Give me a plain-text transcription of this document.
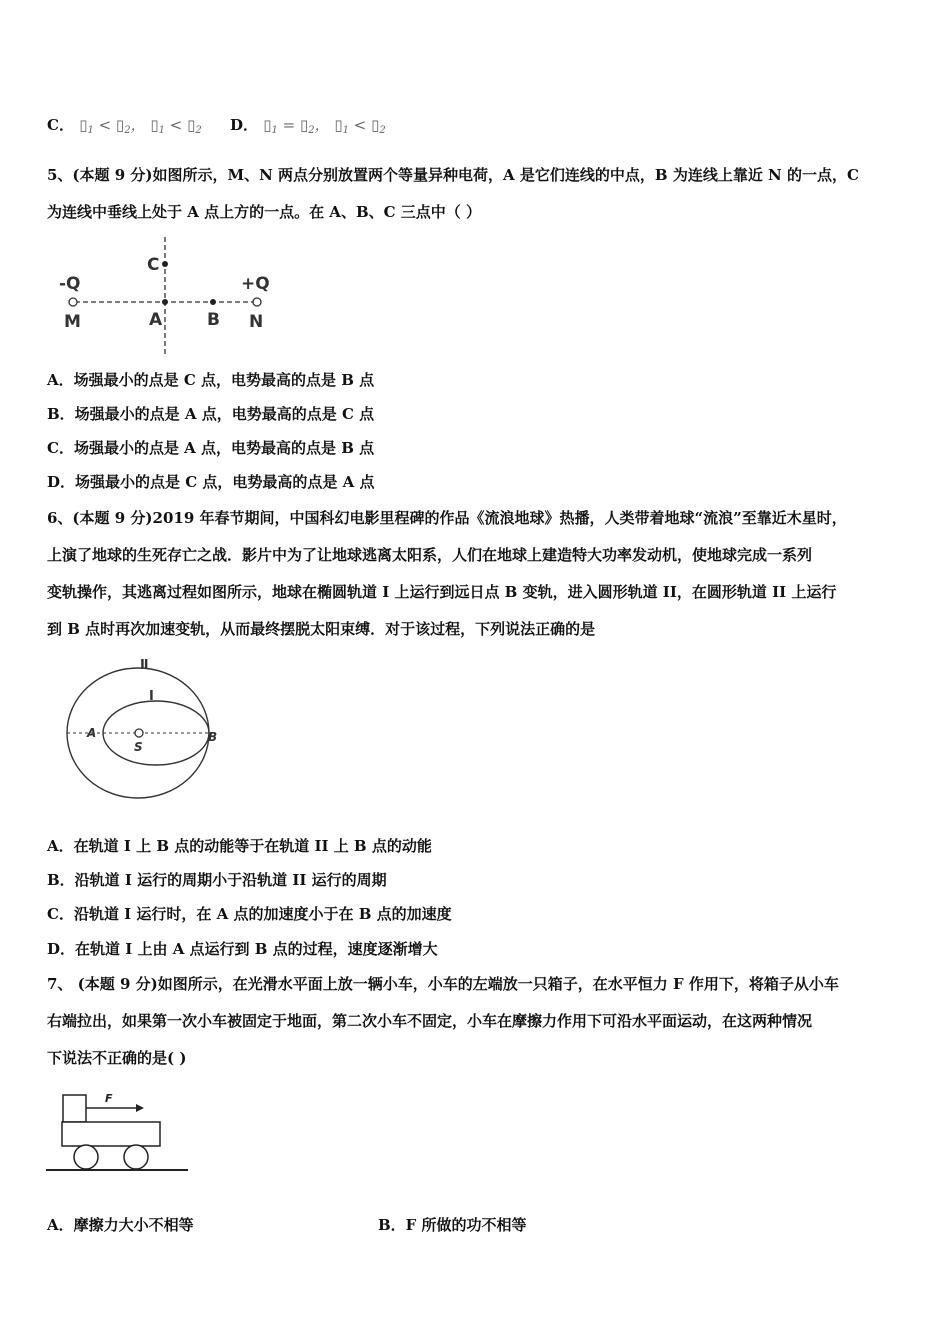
C． $▯_1$ < $▯_2$， $▯_1$ < $▯_2$ D． $▯_1$ = $▯_2$， $▯_1$ < $▯_2$
5、(本题 9 分)如图所示，M、N 两点分别放置两个等量异种电荷，A 是它们连线的中点，B 为连线上靠近 N 的一点，C
为连线中垂线上处于 A 点上方的一点。在 A、B、C 三点中（ ）
-Q	+Q
M	A	B N
C
A．场强最小的点是 C 点，电势最高的点是 B 点
B．场强最小的点是 A 点，电势最高的点是 C 点
C．场强最小的点是 A 点，电势最高的点是 B 点
D．场强最小的点是 C 点，电势最高的点是 A 点
6、(本题 9 分)2019 年春节期间，中国科幻电影里程碑的作品《流浪地球》热播，人类带着地球“流浪”至靠近木星时，
上演了地球的生死存亡之战．影片中为了让地球逃离太阳系，人们在地球上建造特大功率发动机，使地球完成一系列
变轨操作，其逃离过程如图所示，地球在椭圆轨道 I 上运行到远日点 B 变轨，进入圆形轨道 II，在圆形轨道 II 上运行
到 B 点时再次加速变轨，从而最终摆脱太阳束缚．对于该过程，下列说法正确的是
Ⅱ
I
A
S
B
A．在轨道 I 上 B 点的动能等于在轨道 II 上 B 点的动能
B．沿轨道 I 运行的周期小于沿轨道 II 运行的周期
C．沿轨道 I 运行时，在 A 点的加速度小于在 B 点的加速度
D．在轨道 I 上由 A 点运行到 B 点的过程，速度逐渐增大
7、 (本题 9 分)如图所示，在光滑水平面上放一辆小车，小车的左端放一只箱子，在水平恒力 F 作用下，将箱子从小车
右端拉出，如果第一次小车被固定于地面，第二次小车不固定，小车在摩擦力作用下可沿水平面运动，在这两种情况
下说法不正确的是( )
F
A．摩擦力大小不相等	B．F 所做的功不相等
